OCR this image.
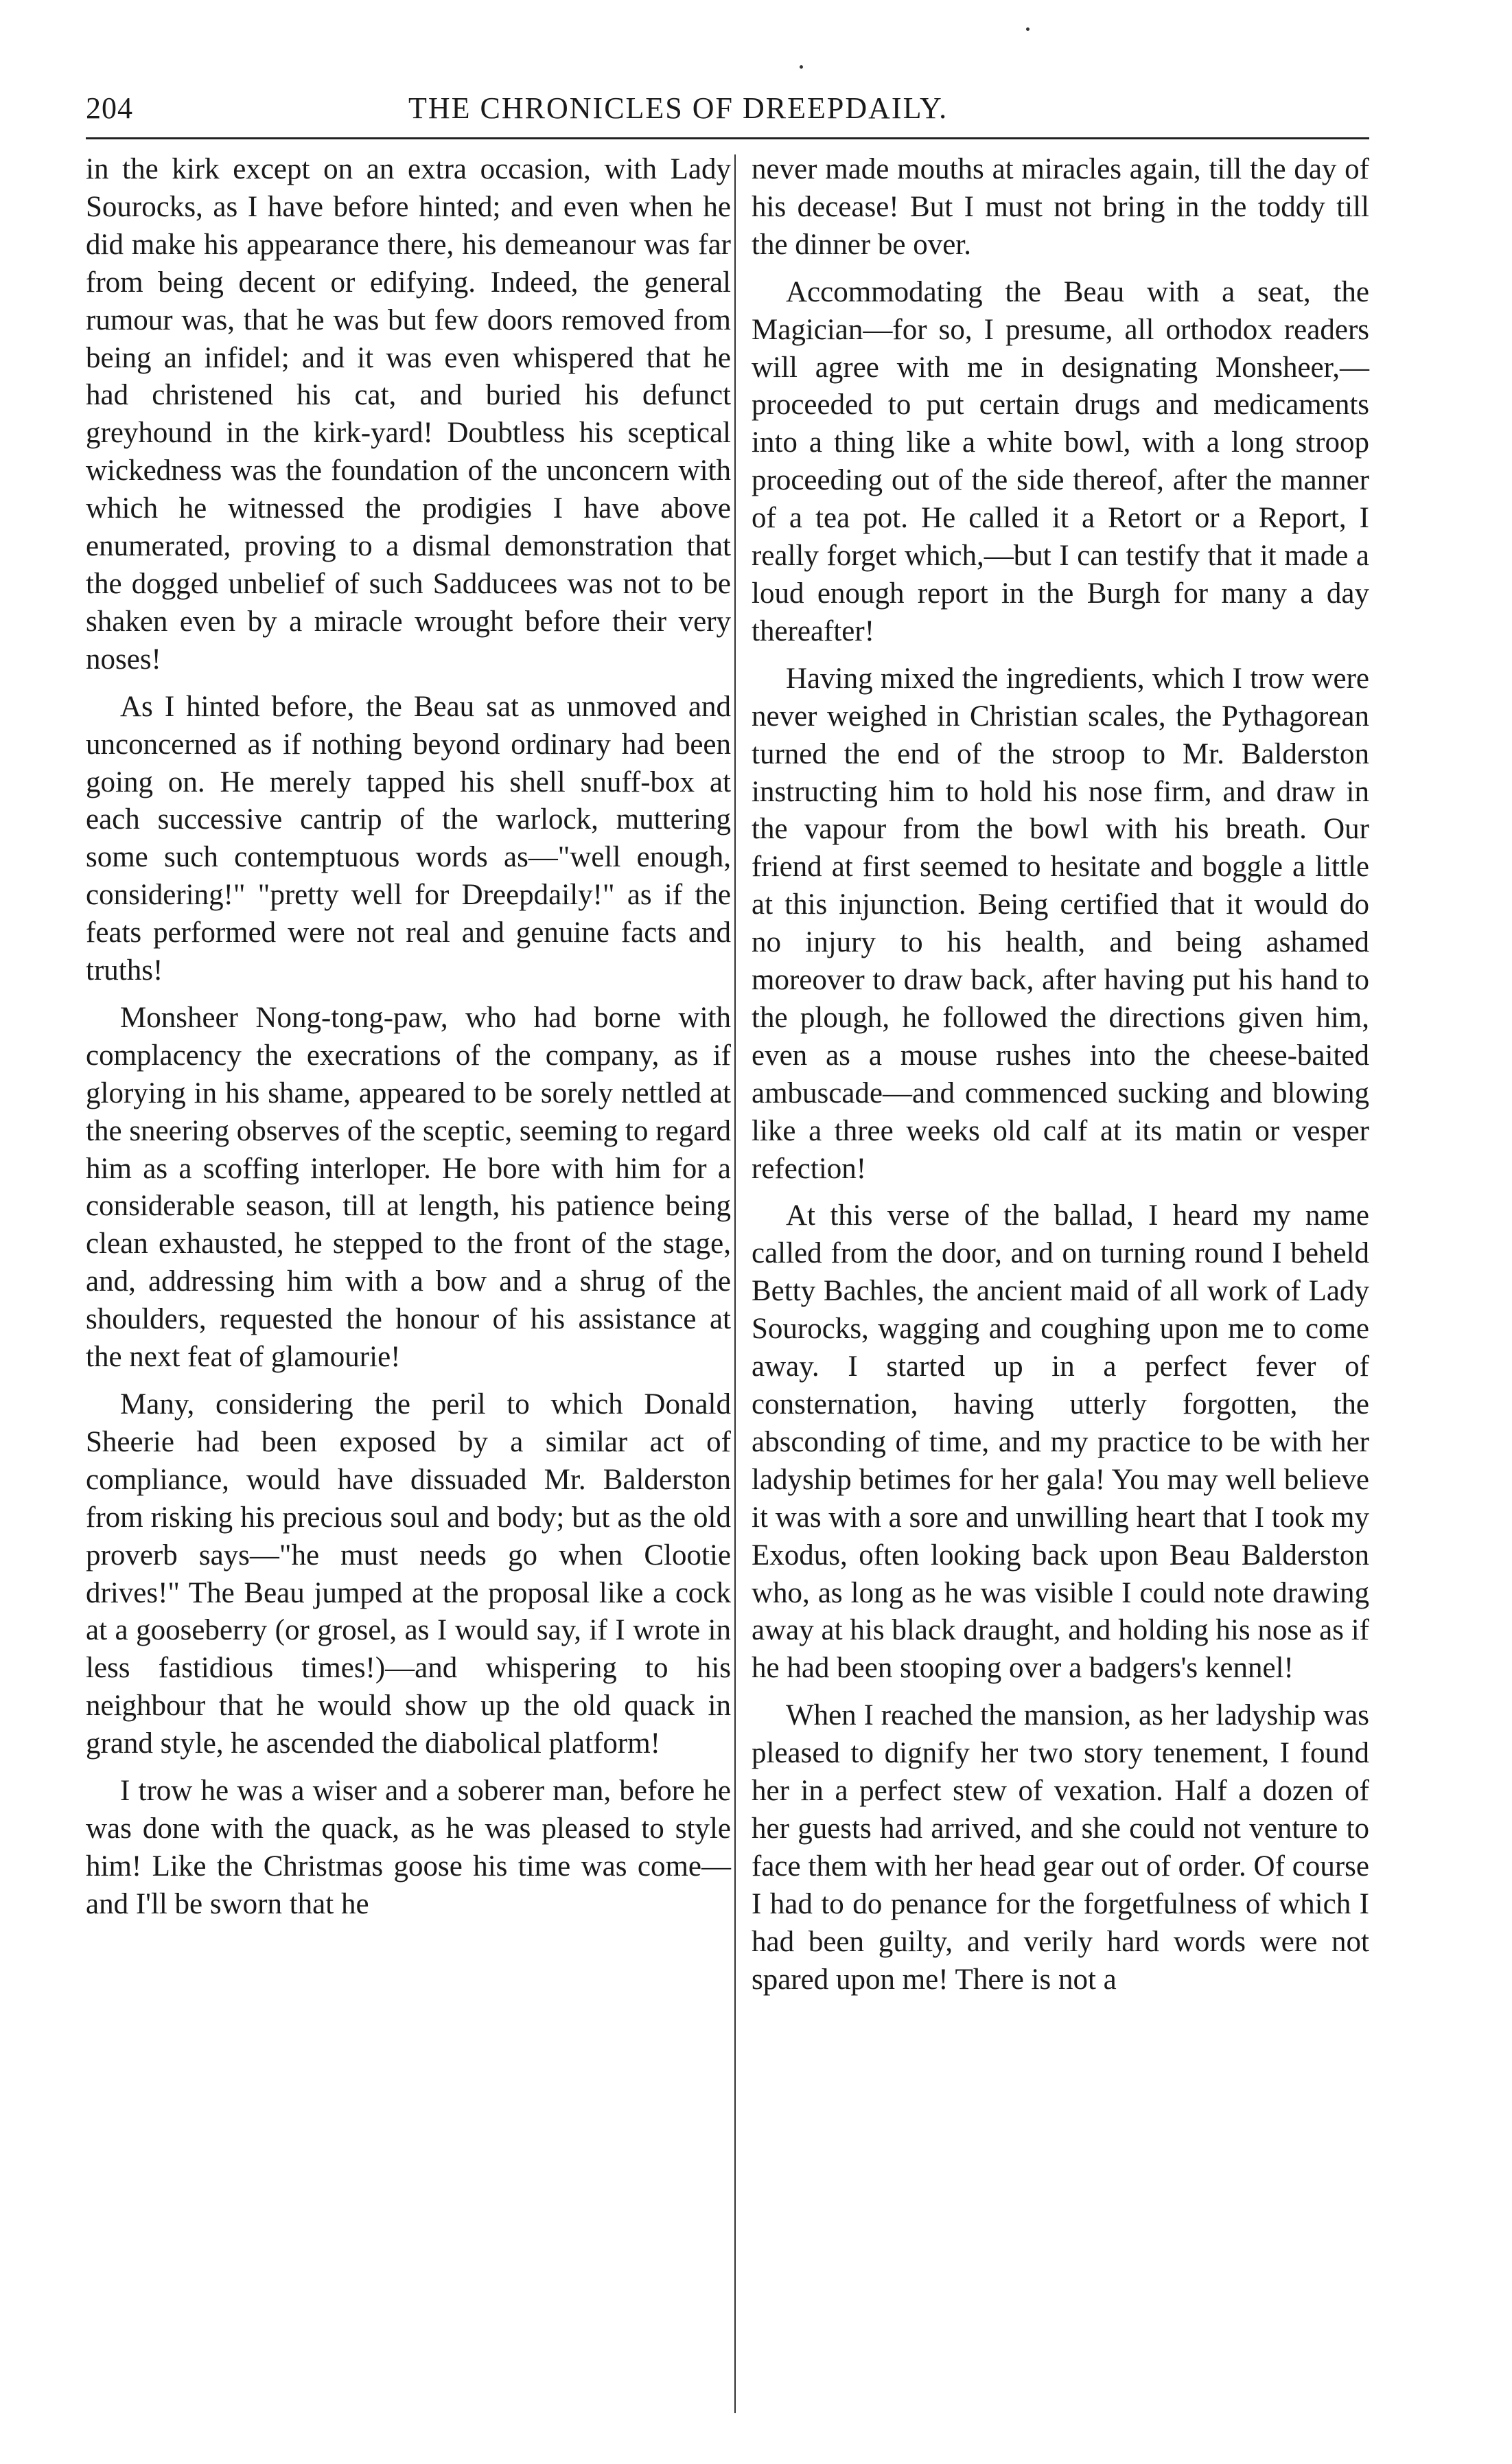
204	THE CHRONICLES OF DREEPDAILY.

in the kirk except on an extra occasion, with Lady Sourocks, as I have before hinted; and even when he did make his appearance there, his demeanour was far from being decent or edifying. Indeed, the general rumour was, that he was but few doors removed from being an infidel; and it was even whispered that he had christened his cat, and buried his defunct greyhound in the kirk-yard! Doubtless his sceptical wickedness was the foundation of the unconcern with which he witnessed the prodigies I have above enumerated, proving to a dismal demonstration that the dogged unbelief of such Sadducees was not to be shaken even by a miracle wrought before their very noses!

As I hinted before, the Beau sat as unmoved and unconcerned as if nothing beyond ordinary had been going on. He merely tapped his shell snuff-box at each successive cantrip of the warlock, muttering some such contemptuous words as—"well enough, considering!" "pretty well for Dreepdaily!" as if the feats performed were not real and genuine facts and truths!

Monsheer Nong-tong-paw, who had borne with complacency the execrations of the company, as if glorying in his shame, appeared to be sorely nettled at the sneering observes of the sceptic, seeming to regard him as a scoffing interloper. He bore with him for a considerable season, till at length, his patience being clean exhausted, he stepped to the front of the stage, and, addressing him with a bow and a shrug of the shoulders, requested the honour of his assistance at the next feat of glamourie!

Many, considering the peril to which Donald Sheerie had been exposed by a similar act of compliance, would have dissuaded Mr. Balderston from risking his precious soul and body; but as the old proverb says—"he must needs go when Clootie drives!" The Beau jumped at the proposal like a cock at a gooseberry (or grosel, as I would say, if I wrote in less fastidious times!)—and whispering to his neighbour that he would show up the old quack in grand style, he ascended the diabolical platform!

I trow he was a wiser and a soberer man, before he was done with the quack, as he was pleased to style him! Like the Christmas goose his time was come—and I'll be sworn that he

never made mouths at miracles again, till the day of his decease! But I must not bring in the toddy till the dinner be over.

Accommodating the Beau with a seat, the Magician—for so, I presume, all orthodox readers will agree with me in designating Monsheer,—proceeded to put certain drugs and medicaments into a thing like a white bowl, with a long stroop proceeding out of the side thereof, after the manner of a tea pot. He called it a Retort or a Report, I really forget which,—but I can testify that it made a loud enough report in the Burgh for many a day thereafter!

Having mixed the ingredients, which I trow were never weighed in Christian scales, the Pythagorean turned the end of the stroop to Mr. Balderston instructing him to hold his nose firm, and draw in the vapour from the bowl with his breath. Our friend at first seemed to hesitate and boggle a little at this injunction. Being certified that it would do no injury to his health, and being ashamed moreover to draw back, after having put his hand to the plough, he followed the directions given him, even as a mouse rushes into the cheese-baited ambuscade—and commenced sucking and blowing like a three weeks old calf at its matin or vesper refection!

At this verse of the ballad, I heard my name called from the door, and on turning round I beheld Betty Bachles, the ancient maid of all work of Lady Sourocks, wagging and coughing upon me to come away. I started up in a perfect fever of consternation, having utterly forgotten, the absconding of time, and my practice to be with her ladyship betimes for her gala! You may well believe it was with a sore and unwilling heart that I took my Exodus, often looking back upon Beau Balderston who, as long as he was visible I could note drawing away at his black draught, and holding his nose as if he had been stooping over a badgers's kennel!

When I reached the mansion, as her ladyship was pleased to dignify her two story tenement, I found her in a perfect stew of vexation. Half a dozen of her guests had arrived, and she could not venture to face them with her head gear out of order. Of course I had to do penance for the forgetfulness of which I had been guilty, and verily hard words were not spared upon me! There is not a
